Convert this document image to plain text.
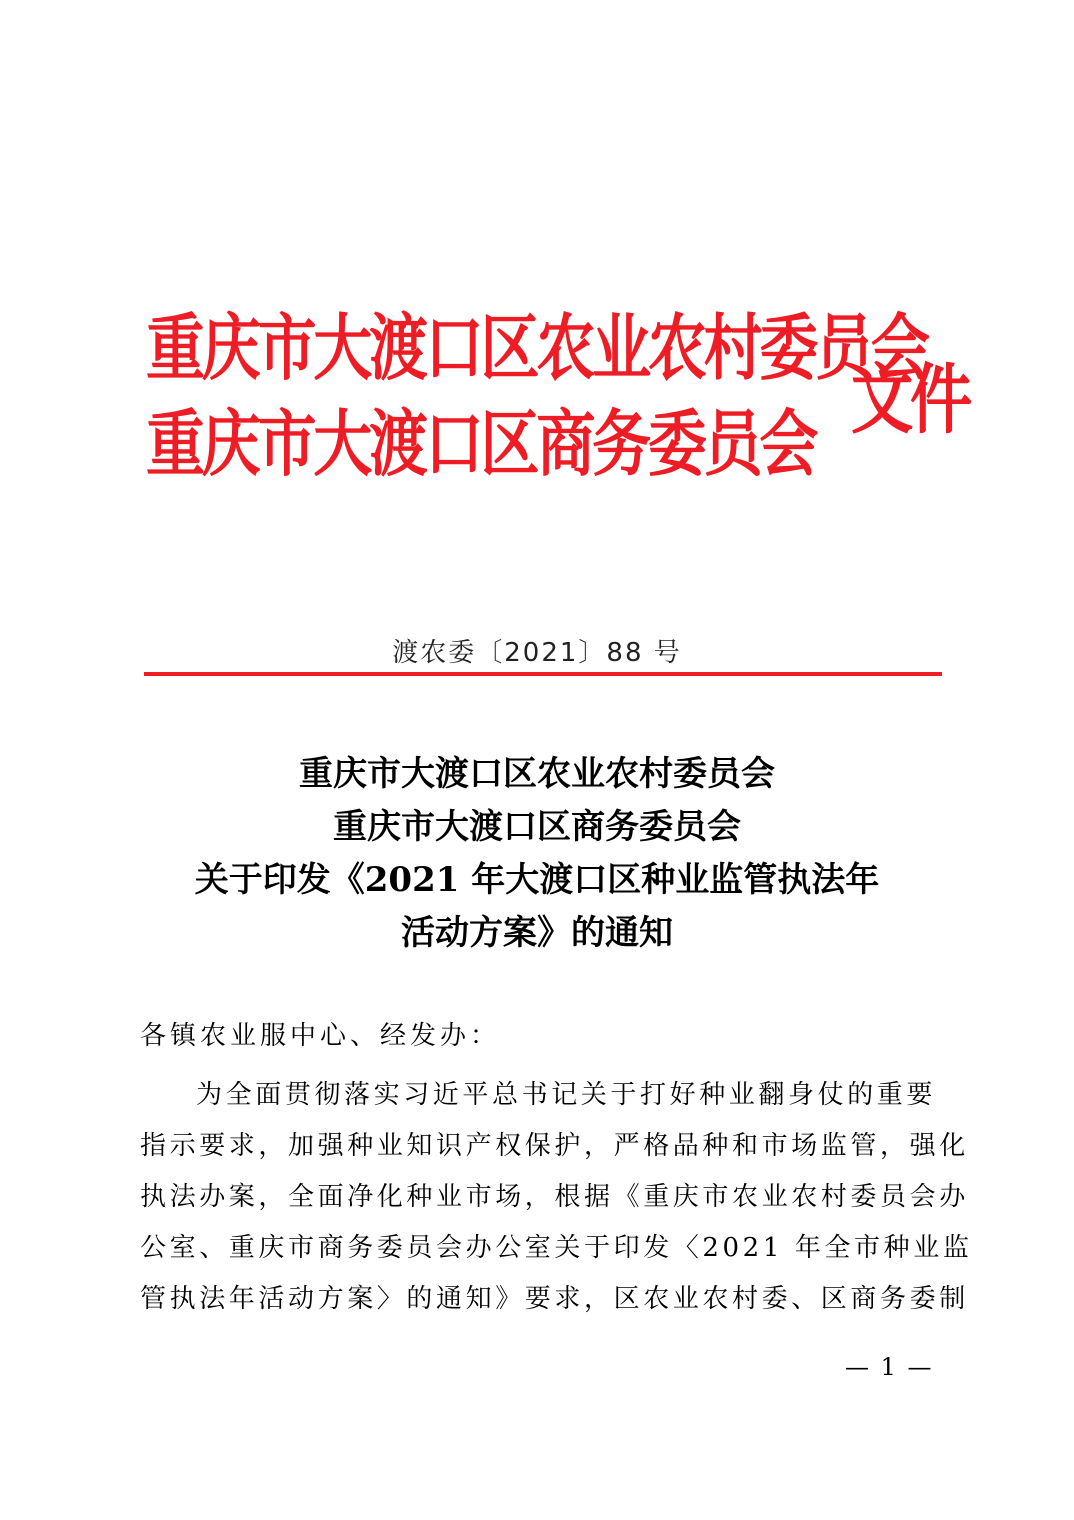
重庆市大渡口区农业农村委员会
重庆市大渡口区商务委员会 文件
渡农委〔2021〕88 号
重庆市大渡口区农业农村委员会
重庆市大渡口区商务委员会
关于印发《2021 年大渡口区种业监管执法年
活动方案》的通知
各镇农业服中心、经发办：
为全面贯彻落实习近平总书记关于打好种业翻身仗的重要
指示要求，加强种业知识产权保护，严格品种和市场监管，强化
执法办案，全面净化种业市场，根据《重庆市农业农村委员会办
公室、重庆市商务委员会办公室关于印发〈2021 年全市种业监
管执法年活动方案〉的通知》要求，区农业农村委、区商务委制
— 1 —
